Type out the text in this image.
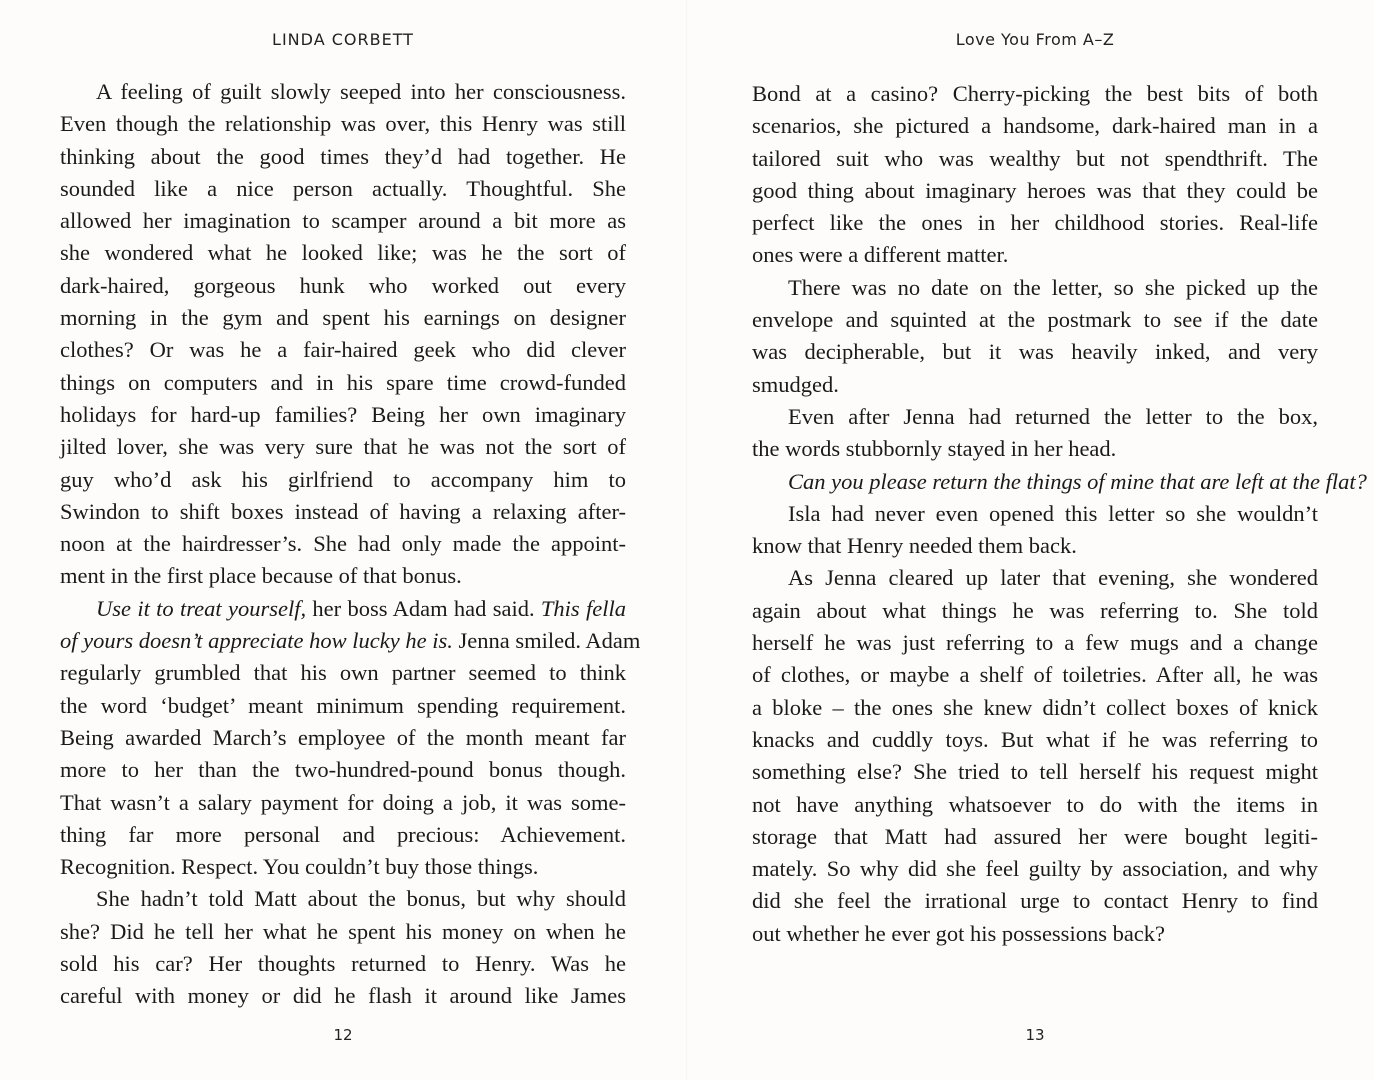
LINDA CORBETT
A feeling of guilt slowly seeped into her consciousness.
Even though the relationship was over, this Henry was still
thinking about the good times they’d had together. He
sounded like a nice person actually. Thoughtful. She
allowed her imagination to scamper around a bit more as
she wondered what he looked like; was he the sort of
dark-haired, gorgeous hunk who worked out every
morning in the gym and spent his earnings on designer
clothes? Or was he a fair-haired geek who did clever
things on computers and in his spare time crowd-funded
holidays for hard-up families? Being her own imaginary
jilted lover, she was very sure that he was not the sort of
guy who’d ask his girlfriend to accompany him to
Swindon to shift boxes instead of having a relaxing after-
noon at the hairdresser’s. She had only made the appoint-
ment in the first place because of that bonus.
Use it to treat yourself, her boss Adam had said. This fella
of yours doesn’t appreciate how lucky he is. Jenna smiled. Adam
regularly grumbled that his own partner seemed to think
the word ‘budget’ meant minimum spending requirement.
Being awarded March’s employee of the month meant far
more to her than the two-hundred-pound bonus though.
That wasn’t a salary payment for doing a job, it was some-
thing far more personal and precious: Achievement.
Recognition. Respect. You couldn’t buy those things.
She hadn’t told Matt about the bonus, but why should
she? Did he tell her what he spent his money on when he
sold his car? Her thoughts returned to Henry. Was he
careful with money or did he flash it around like James
12
Love You From A–Z
Bond at a casino? Cherry-picking the best bits of both
scenarios, she pictured a handsome, dark-haired man in a
tailored suit who was wealthy but not spendthrift. The
good thing about imaginary heroes was that they could be
perfect like the ones in her childhood stories. Real-life
ones were a different matter.
There was no date on the letter, so she picked up the
envelope and squinted at the postmark to see if the date
was decipherable, but it was heavily inked, and very
smudged.
Even after Jenna had returned the letter to the box,
the words stubbornly stayed in her head.
Can you please return the things of mine that are left at the flat?
Isla had never even opened this letter so she wouldn’t
know that Henry needed them back.
As Jenna cleared up later that evening, she wondered
again about what things he was referring to. She told
herself he was just referring to a few mugs and a change
of clothes, or maybe a shelf of toiletries. After all, he was
a bloke – the ones she knew didn’t collect boxes of knick
knacks and cuddly toys. But what if he was referring to
something else? She tried to tell herself his request might
not have anything whatsoever to do with the items in
storage that Matt had assured her were bought legiti-
mately. So why did she feel guilty by association, and why
did she feel the irrational urge to contact Henry to find
out whether he ever got his possessions back?
13
